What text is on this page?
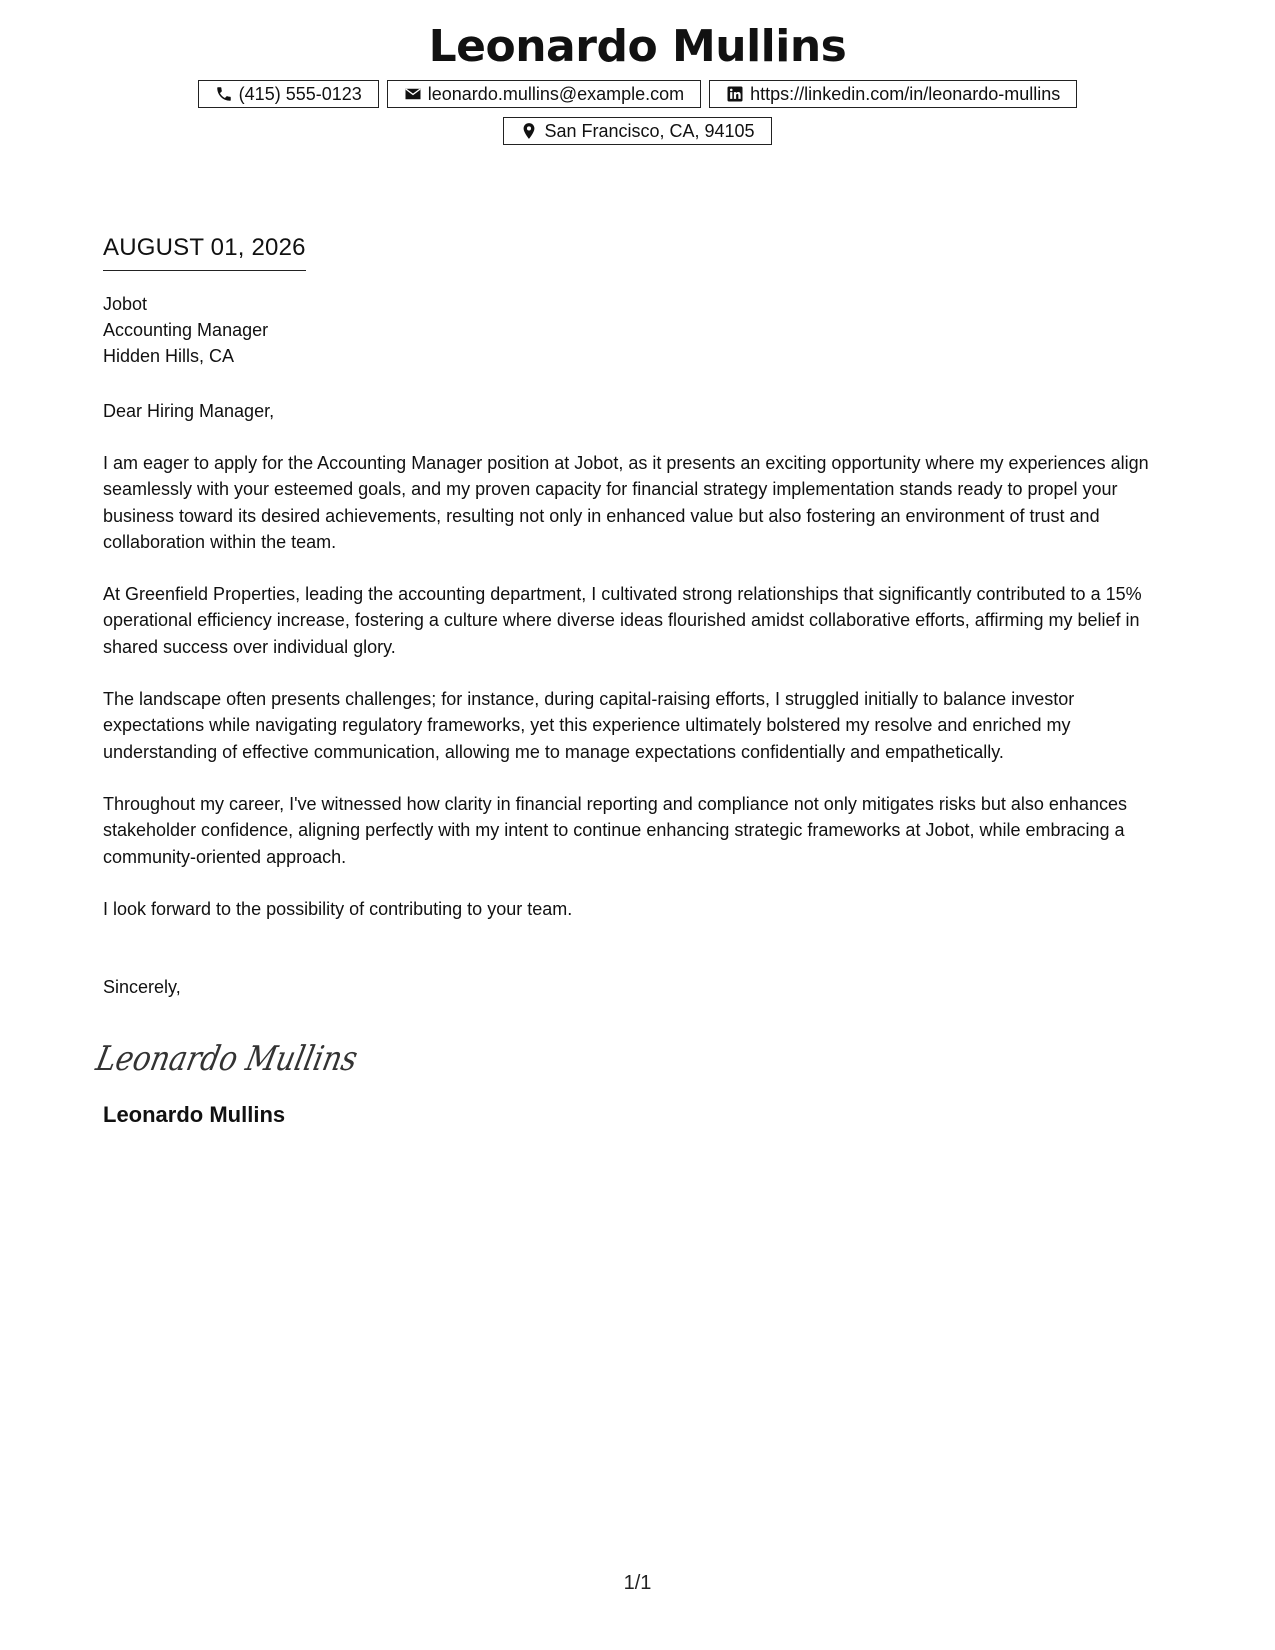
Leonardo Mullins
(415) 555-0123	leonardo.mullins@example.com	https://linkedin.com/in/leonardo-mullins
San Francisco, CA, 94105
AUGUST 01, 2026
Jobot
Accounting Manager
Hidden Hills, CA
Dear Hiring Manager,
I am eager to apply for the Accounting Manager position at Jobot, as it presents an exciting opportunity where my experiences align seamlessly with your esteemed goals, and my proven capacity for financial strategy implementation stands ready to propel your business toward its desired achievements, resulting not only in enhanced value but also fostering an environment of trust and collaboration within the team.
At Greenfield Properties, leading the accounting department, I cultivated strong relationships that significantly contributed to a 15% operational efficiency increase, fostering a culture where diverse ideas flourished amidst collaborative efforts, affirming my belief in shared success over individual glory.
The landscape often presents challenges; for instance, during capital-raising efforts, I struggled initially to balance investor expectations while navigating regulatory frameworks, yet this experience ultimately bolstered my resolve and enriched my understanding of effective communication, allowing me to manage expectations confidentially and empathetically.
Throughout my career, I've witnessed how clarity in financial reporting and compliance not only mitigates risks but also enhances stakeholder confidence, aligning perfectly with my intent to continue enhancing strategic frameworks at Jobot, while embracing a community-oriented approach.
I look forward to the possibility of contributing to your team.
Sincerely,
Leonardo Mullins
Leonardo Mullins
1/1
